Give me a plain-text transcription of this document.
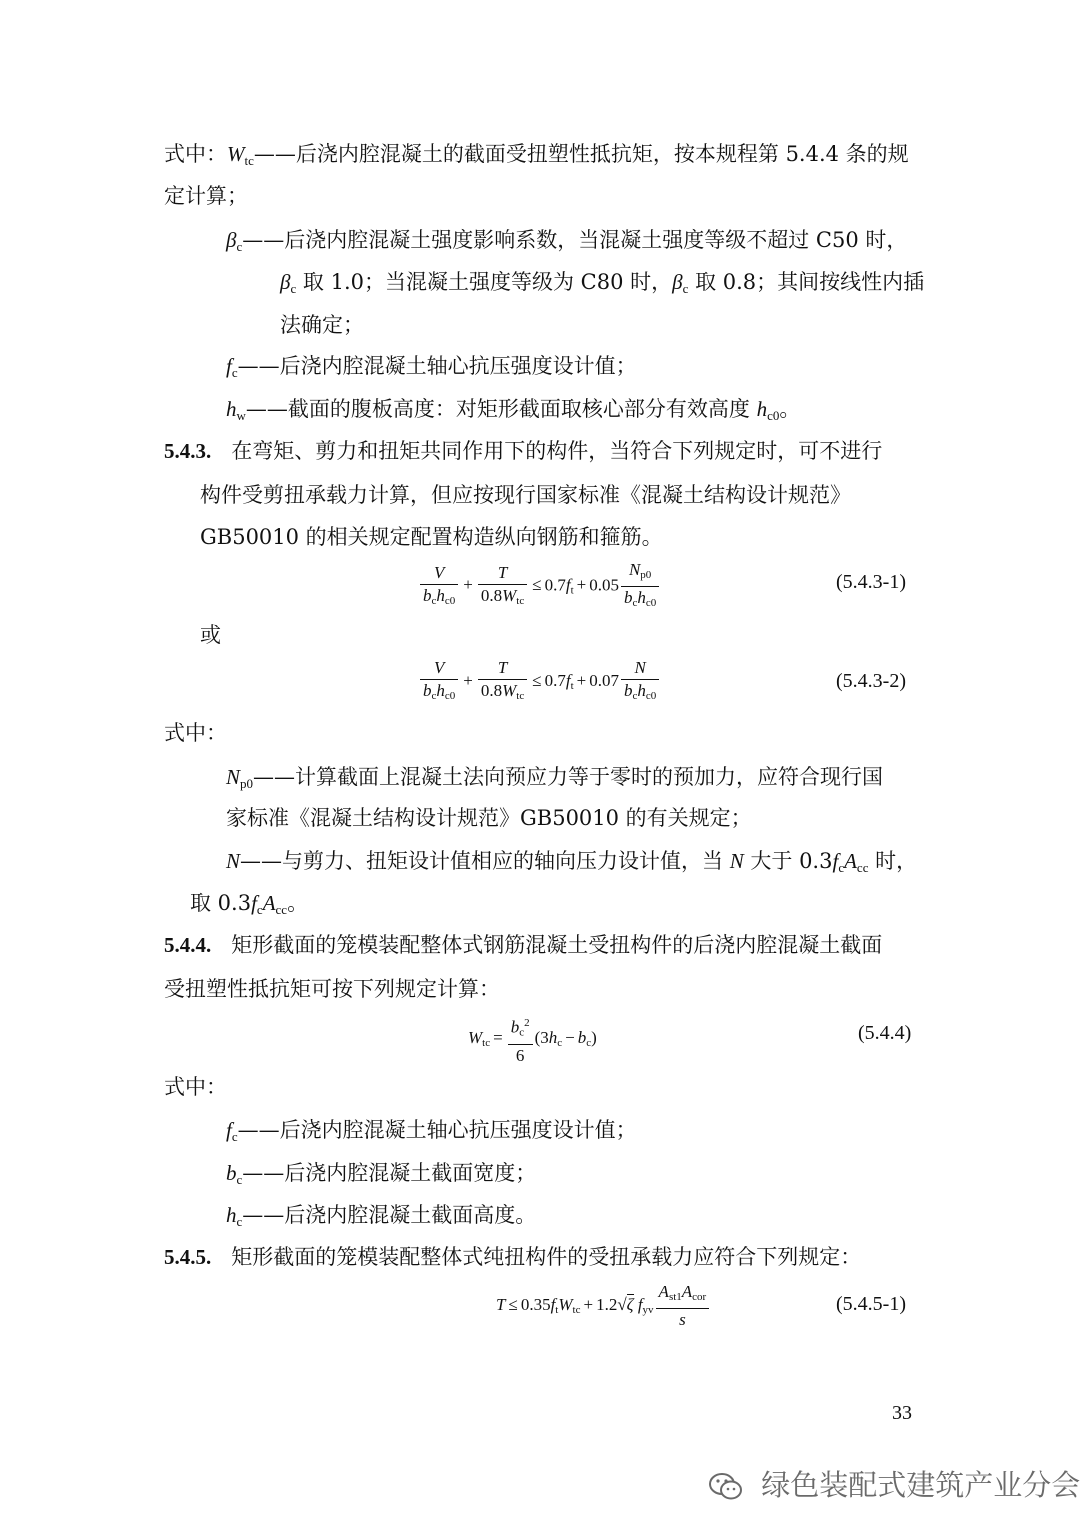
式中：$W_{tc}——$后浇内腔混凝土的截面受扭塑性抵抗矩，按本规程第 5.4.4 条的规
定计算；
$\beta_c——$后浇内腔混凝土强度影响系数，当混凝土强度等级不超过 C50 时，
$\beta_c$ 取 1.0；当混凝土强度等级为 C80 时，$\beta_c$ 取 0.8；其间按线性内插
法确定；
$f_c——$后浇内腔混凝土轴心抗压强度设计值；
$h_w——$截面的腹板高度：对矩形截面取核心部分有效高度 $h_{c0}$。
5.4.3. 在弯矩、剪力和扭矩共同作用下的构件，当符合下列规定时，可不进行
构件受剪扭承载力计算，但应按现行国家标准《混凝土结构设计规范》
GB50010 的相关规定配置构造纵向钢筋和箍筋。
$\frac{V}{b_ch_{c0}} + \frac{T}{0.8W_{tc}} \le 0.7f_t + 0.05 \frac{N_{p0}}{b_ch_{c0}}$	(5.4.3-1)
或
$\frac{V}{b_ch_{c0}} + \frac{T}{0.8W_{tc}} \le 0.7f_t + 0.07 \frac{N}{b_ch_{c0}}$	(5.4.3-2)
式中：
$N_{p0}——$计算截面上混凝土法向预应力等于零时的预加力，应符合现行国
家标准《混凝土结构设计规范》GB50010 的有关规定；
N——与剪力、扭矩设计值相应的轴向压力设计值，当 N 大于 $0.3f_cA_{cc}$ 时，
取 $0.3f_cA_{cc}$。
5.4.4. 矩形截面的笼模装配整体式钢筋混凝土受扭构件的后浇内腔混凝土截面
受扭塑性抵抗矩可按下列规定计算：
$W_{tc} = \frac{b_c^2}{6} (3h_c - b_c)$	(5.4.4)
式中：
$f_c——$后浇内腔混凝土轴心抗压强度设计值；
$b_c——$后浇内腔混凝土截面宽度；
$h_c——$后浇内腔混凝土截面高度。
5.4.5. 矩形截面的笼模装配整体式纯扭构件的受扭承载力应符合下列规定：
$T \le 0.35f_tW_{tc} + 1.2√\zeta$ $f_{yv} \frac{A_{st1}A_{cor}}{s}$	(5.4.5-1)
33
绿色装配式建筑产业分会
